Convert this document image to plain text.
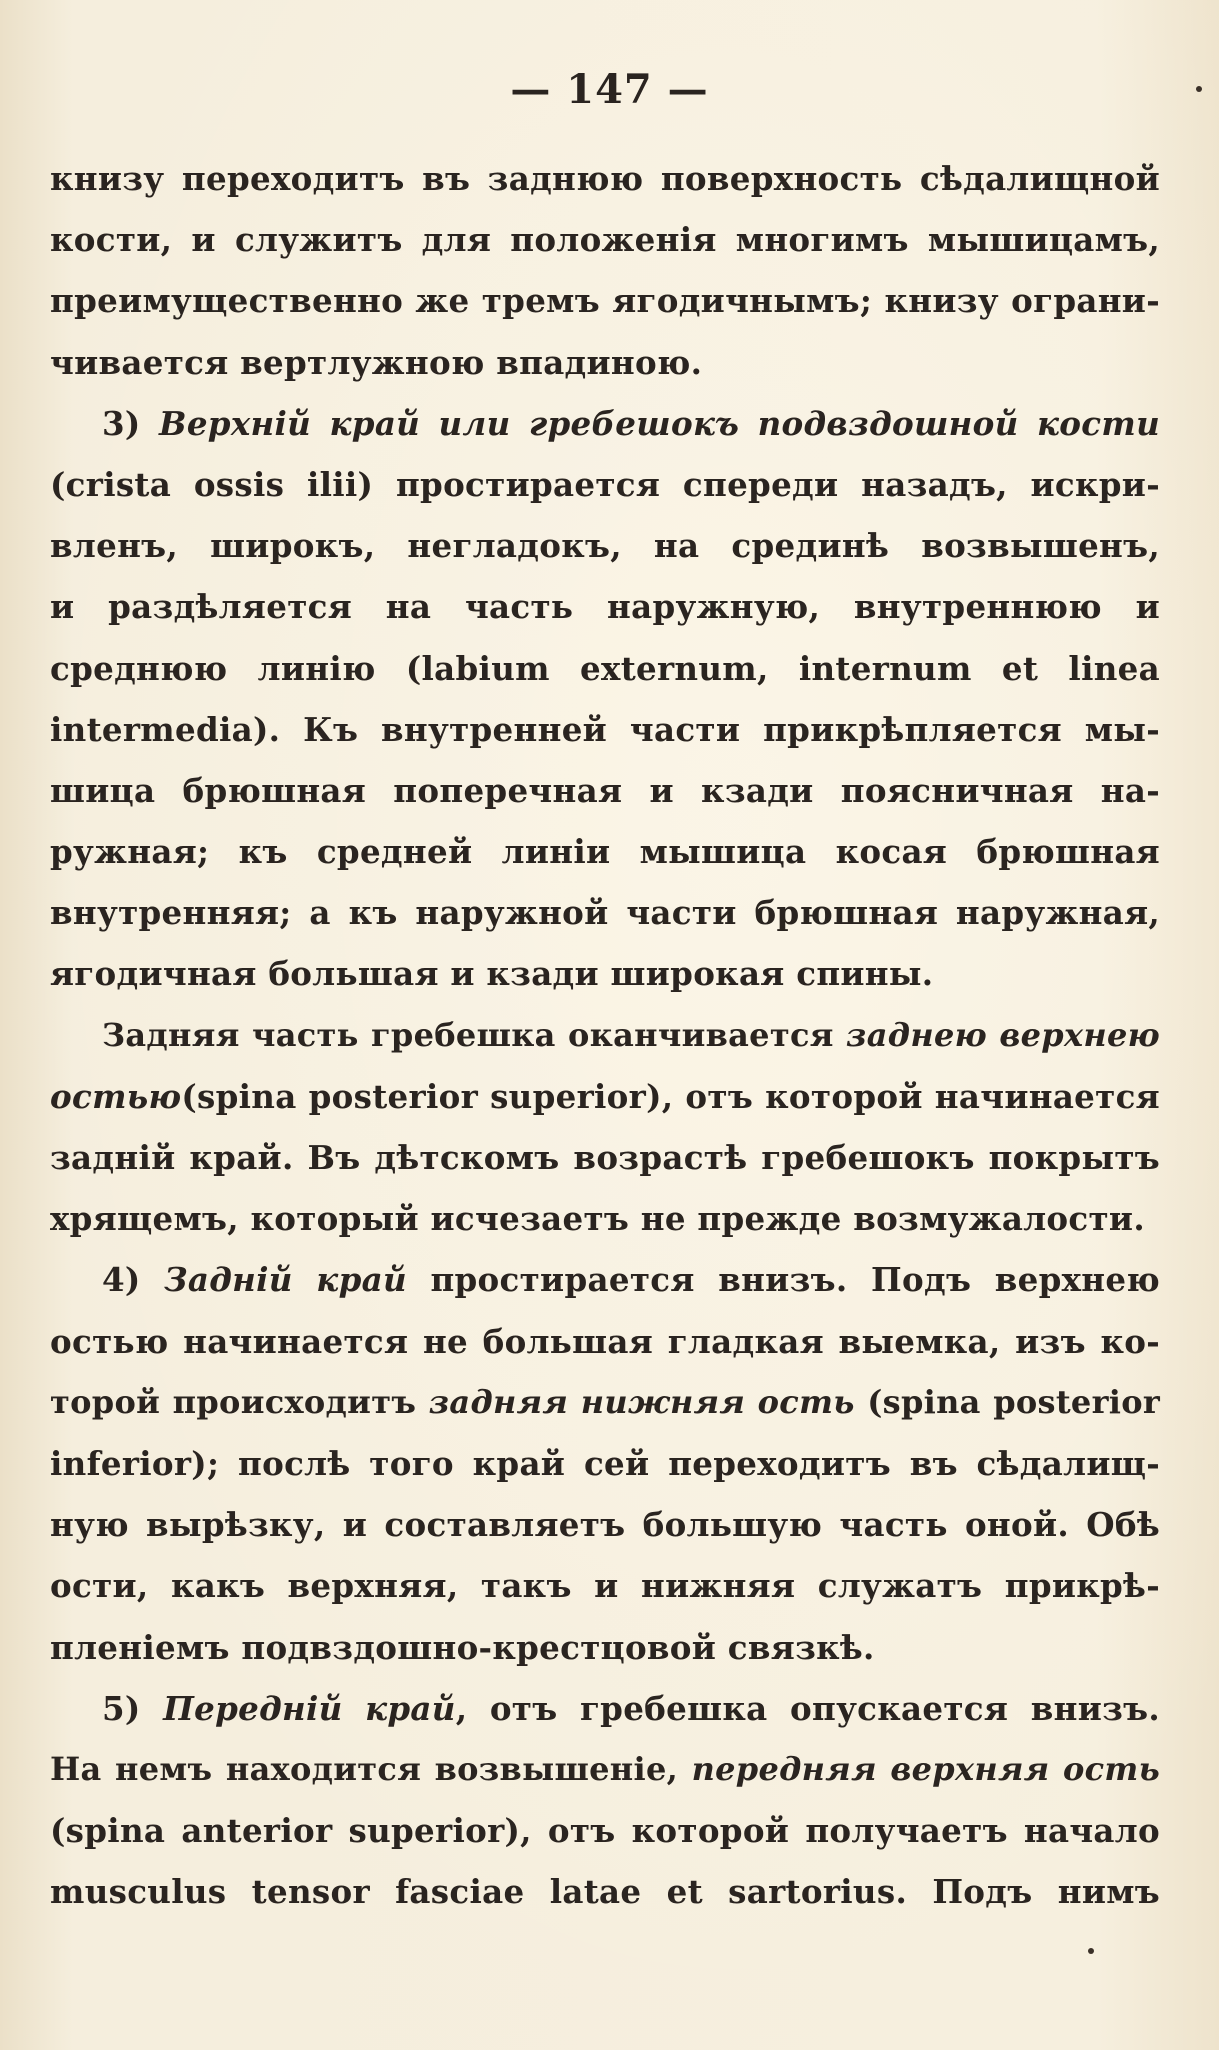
— 147 —
книзу переходитъ въ заднюю поверхность сѣдалищной
кости, и служитъ для положенія многимъ мышицамъ,
преимущественно же тремъ ягодичнымъ; книзу ограни-
чивается вертлужною впадиною.
3) Верхній край или гребешокъ подвздошной кости
(crista ossis ilii) простирается спереди назадъ, искри-
вленъ, широкъ, негладокъ, на срединѣ возвышенъ,
и раздѣляется на часть наружную, внутреннюю и
среднюю линію (labium externum, internum et linea
intermedia). Къ внутренней части прикрѣпляется мы-
шица брюшная поперечная и кзади поясничная на-
ружная; къ средней линіи мышица косая брюшная
внутренняя; а къ наружной части брюшная наружная,
ягодичная большая и кзади широкая спины.
Задняя часть гребешка оканчивается заднею верхнею
остью(spina posterior superior), отъ которой начинается
задній край. Въ дѣтскомъ возрастѣ гребешокъ покрытъ
хрящемъ, который исчезаетъ не прежде возмужалости.
4) Задній край простирается внизъ. Подъ верхнею
остью начинается не большая гладкая выемка, изъ ко-
торой происходитъ задняя нижняя ость (spina posterior
inferior); послѣ того край сей переходитъ въ сѣдалищ-
ную вырѣзку, и составляетъ большую часть оной. Обѣ
ости, какъ верхняя, такъ и нижняя служатъ прикрѣ-
пленіемъ подвздошно-крестцовой связкѣ.
5) Передній край, отъ гребешка опускается внизъ.
На немъ находится возвышеніе, передняя верхняя ость
(spina anterior superior), отъ которой получаетъ начало
musculus tensor fasciae latae et sartorius. Подъ нимъ
